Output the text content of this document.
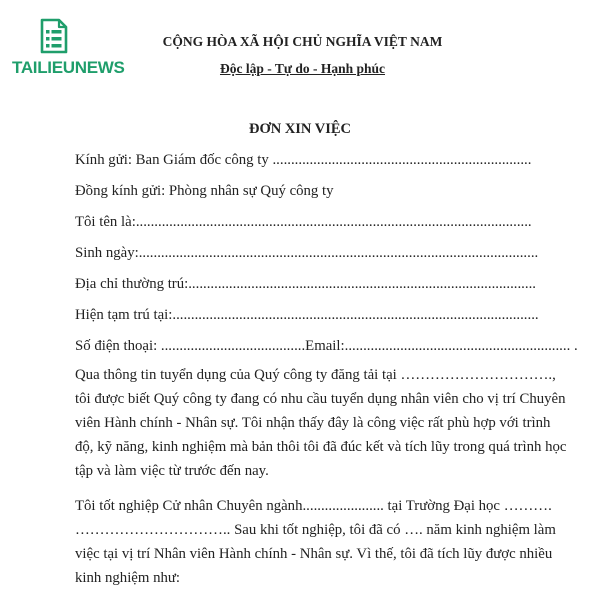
TAILIEUNEWS
CỘNG HÒA XÃ HỘI CHỦ NGHĨA VIỆT NAM
Độc lập - Tự do - Hạnh phúc
ĐƠN XIN VIỆC
Kính gửi: Ban Giám đốc công ty ......................................................................
Đồng kính gửi: Phòng nhân sự Quý công ty
Tôi tên là:...........................................................................................................
Sinh ngày:............................................................................................................
Địa chỉ thường trú:..............................................................................................
Hiện tạm trú tại:...................................................................................................
Số điện thoại: .......................................Email:............................................................. .
Qua thông tin tuyển dụng của Quý công ty đăng tải tại ………………………….,
tôi được biết Quý công ty đang có nhu cầu tuyển dụng nhân viên cho vị trí Chuyên
viên Hành chính - Nhân sự. Tôi nhận thấy đây là công việc rất phù hợp với trình
độ, kỹ năng, kinh nghiệm mà bản thôi tôi đã đúc kết và tích lũy trong quá trình học
tập và làm việc từ trước đến nay.
Tôi tốt nghiệp Cử nhân Chuyên ngành...................... tại Trường Đại học ……….
………………………….. Sau khi tốt nghiệp, tôi đã có …. năm kinh nghiệm làm
việc tại vị trí Nhân viên Hành chính - Nhân sự. Vì thế, tôi đã tích lũy được nhiều
kinh nghiệm như:
